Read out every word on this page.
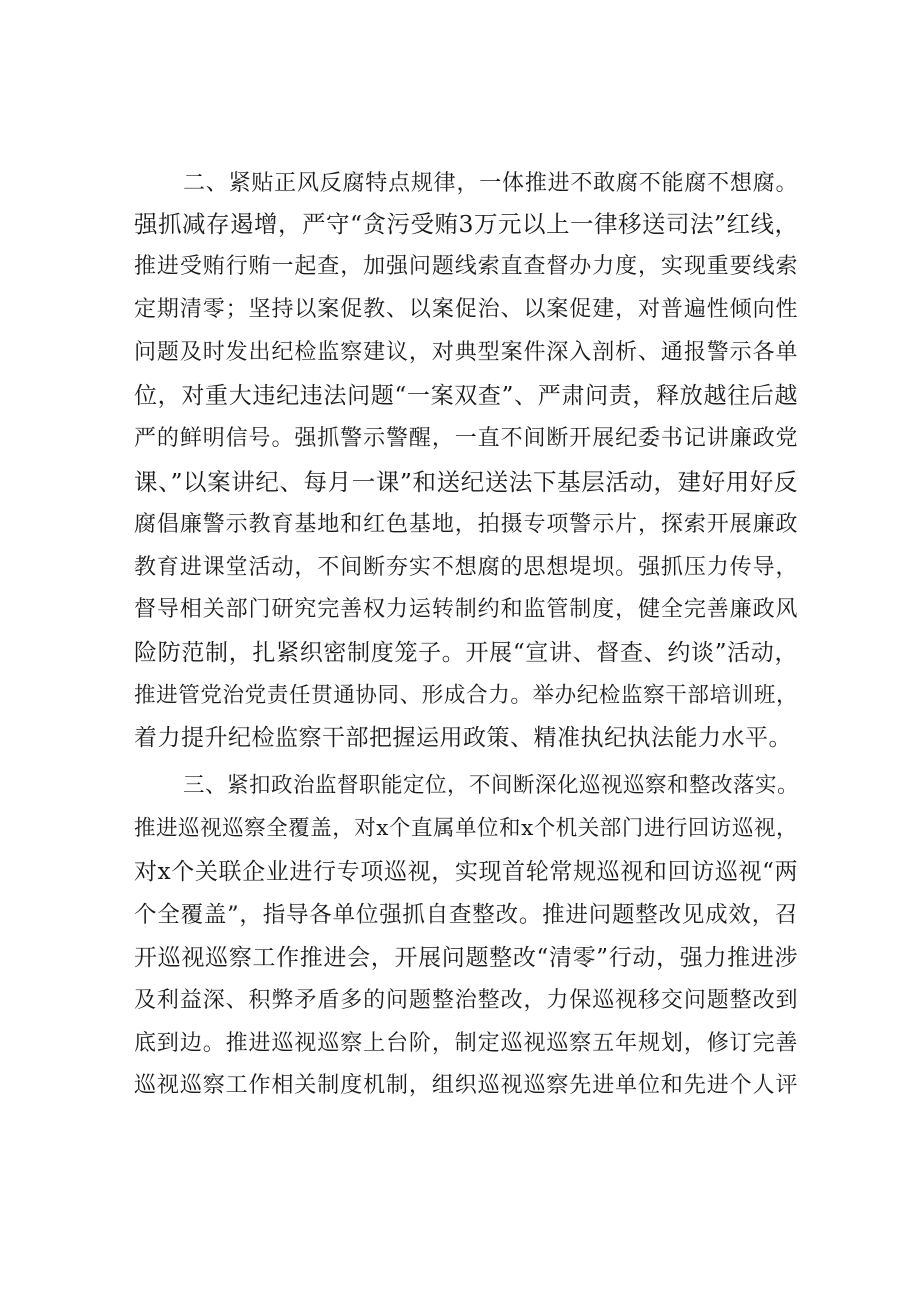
二、紧贴正风反腐特点规律，一体推进不敢腐不能腐不想腐。
强抓减存遏增，严守“贪污受贿3万元以上一律移送司法”红线，
推进受贿行贿一起查，加强问题线索直查督办力度，实现重要线索
定期清零；坚持以案促教、以案促治、以案促建，对普遍性倾向性
问题及时发出纪检监察建议，对典型案件深入剖析、通报警示各单
位，对重大违纪违法问题“一案双查”、严肃问责，释放越往后越
严的鲜明信号。强抓警示警醒，一直不间断开展纪委书记讲廉政党
课、”以案讲纪、每月一课”和送纪送法下基层活动，建好用好反
腐倡廉警示教育基地和红色基地，拍摄专项警示片，探索开展廉政
教育进课堂活动，不间断夯实不想腐的思想堤坝。强抓压力传导，
督导相关部门研究完善权力运转制约和监管制度，健全完善廉政风
险防范制，扎紧织密制度笼子。开展“宣讲、督查、约谈”活动，
推进管党治党责任贯通协同、形成合力。举办纪检监察干部培训班，
着力提升纪检监察干部把握运用政策、精准执纪执法能力水平。
三、紧扣政治监督职能定位，不间断深化巡视巡察和整改落实。
推进巡视巡察全覆盖，对x个直属单位和x个机关部门进行回访巡视，
对x个关联企业进行专项巡视，实现首轮常规巡视和回访巡视“两
个全覆盖”，指导各单位强抓自查整改。推进问题整改见成效，召
开巡视巡察工作推进会，开展问题整改“清零”行动，强力推进涉
及利益深、积弊矛盾多的问题整治整改，力保巡视移交问题整改到
底到边。推进巡视巡察上台阶，制定巡视巡察五年规划，修订完善
巡视巡察工作相关制度机制，组织巡视巡察先进单位和先进个人评
